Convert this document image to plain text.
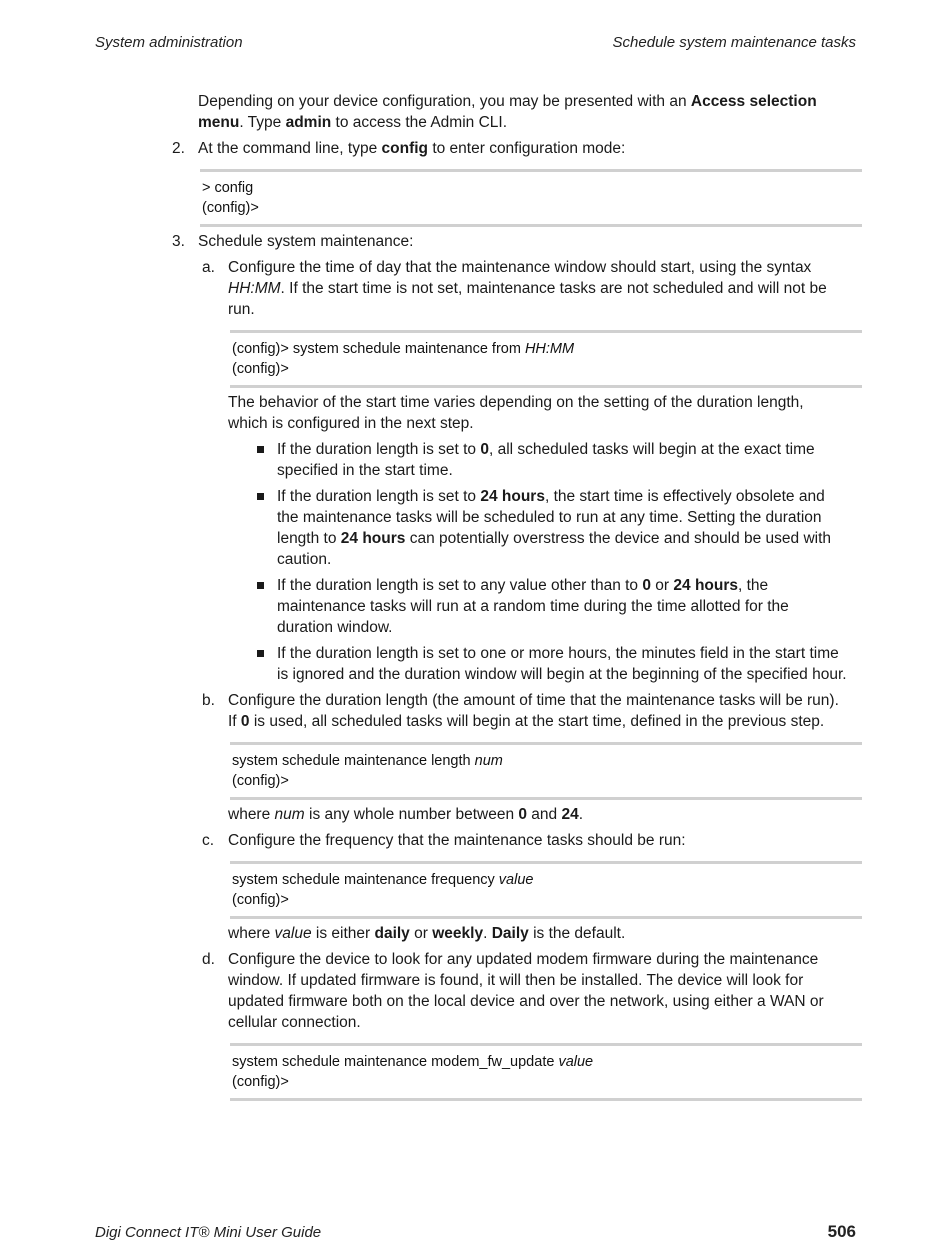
System administration	Schedule system maintenance tasks
Depending on your device configuration, you may be presented with an Access selection
menu. Type admin to access the Admin CLI.
2. At the command line, type config to enter configuration mode:
> config
(config)>
3. Schedule system maintenance:
a. Configure the time of day that the maintenance window should start, using the syntax
HH:MM. If the start time is not set, maintenance tasks are not scheduled and will not be
run.
(config)> system schedule maintenance from HH:MM
(config)>
The behavior of the start time varies depending on the setting of the duration length,
which is configured in the next step.
If the duration length is set to 0, all scheduled tasks will begin at the exact time
specified in the start time.
If the duration length is set to 24 hours, the start time is effectively obsolete and
the maintenance tasks will be scheduled to run at any time. Setting the duration
length to 24 hours can potentially overstress the device and should be used with
caution.
If the duration length is set to any value other than to 0 or 24 hours, the
maintenance tasks will run at a random time during the time allotted for the
duration window.
If the duration length is set to one or more hours, the minutes field in the start time
is ignored and the duration window will begin at the beginning of the specified hour.
b. Configure the duration length (the amount of time that the maintenance tasks will be run).
If 0 is used, all scheduled tasks will begin at the start time, defined in the previous step.
system schedule maintenance length num
(config)>
where num is any whole number between 0 and 24.
c. Configure the frequency that the maintenance tasks should be run:
system schedule maintenance frequency value
(config)>
where value is either daily or weekly. Daily is the default.
d. Configure the device to look for any updated modem firmware during the maintenance
window. If updated firmware is found, it will then be installed. The device will look for
updated firmware both on the local device and over the network, using either a WAN or
cellular connection.
system schedule maintenance modem_fw_update value
(config)>
Digi Connect IT® Mini User Guide	506
